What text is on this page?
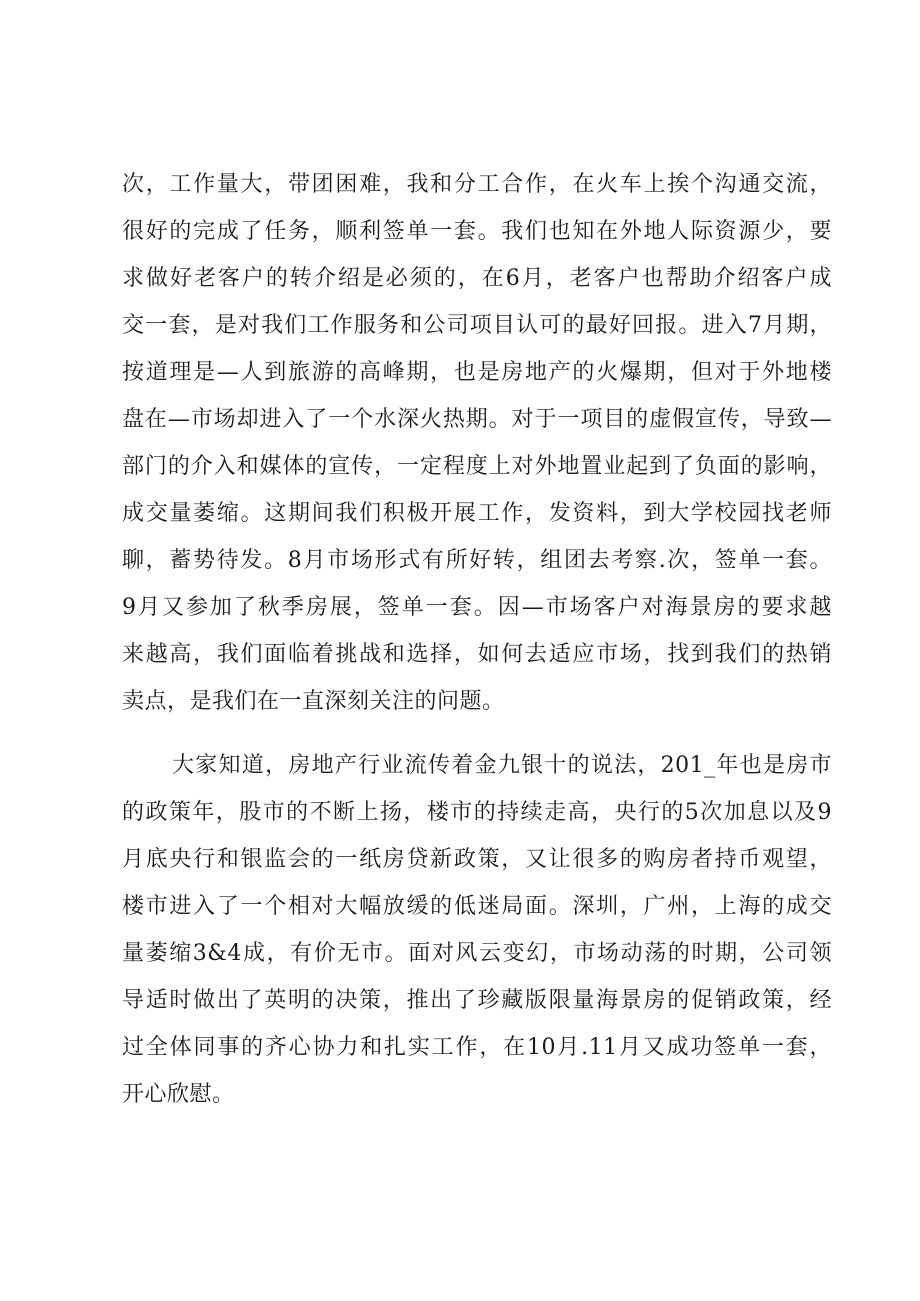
次，工作量大，带团困难，我和分工合作，在火车上挨个沟通交流，
很好的完成了任务，顺利签单一套。我们也知在外地人际资源少，要
求做好老客户的转介绍是必须的，在6月，老客户也帮助介绍客户成
交一套，是对我们工作服务和公司项目认可的最好回报。进入7月期，
按道理是—人到旅游的高峰期，也是房地产的火爆期，但对于外地楼
盘在—市场却进入了一个水深火热期。对于一项目的虚假宣传，导致—
部门的介入和媒体的宣传，一定程度上对外地置业起到了负面的影响，
成交量萎缩。这期间我们积极开展工作，发资料，到大学校园找老师
聊，蓄势待发。8月市场形式有所好转，组团去考察.次，签单一套。
9月又参加了秋季房展，签单一套。因—市场客户对海景房的要求越
来越高，我们面临着挑战和选择，如何去适应市场，找到我们的热销
卖点，是我们在一直深刻关注的问题。
大家知道，房地产行业流传着金九银十的说法，201_年也是房市
的政策年，股市的不断上扬，楼市的持续走高，央行的5次加息以及9
月底央行和银监会的一纸房贷新政策，又让很多的购房者持币观望，
楼市进入了一个相对大幅放缓的低迷局面。深圳，广州，上海的成交
量萎缩3&4成，有价无市。面对风云变幻，市场动荡的时期，公司领
导适时做出了英明的决策，推出了珍藏版限量海景房的促销政策，经
过全体同事的齐心协力和扎实工作，在10月.11月又成功签单一套，
开心欣慰。
